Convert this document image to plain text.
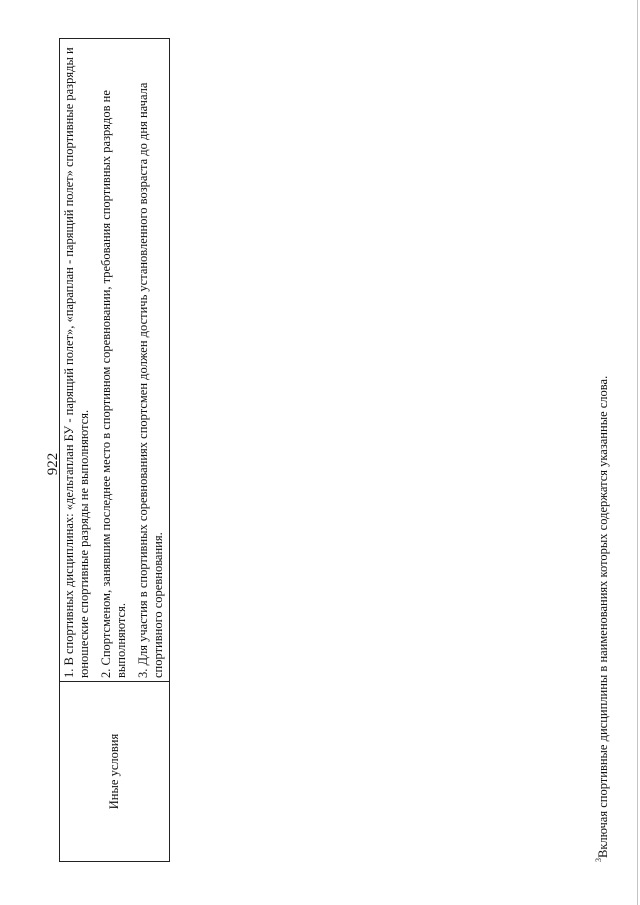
922
Иные условия	

1. В спортивных дисциплинах: «дельтаплан БУ - парящий полет», «параплан - парящий полет» спортивные разряды и юношеские спортивные разряды не выполняются. 2. Спортсменом, занявшим последнее место в спортивном соревновании, требования спортивных разрядов не выполняются. 3. Для участия в спортивных соревнованиях спортсмен должен достичь установленного возраста до дня начала спортивного соревнования.

$^3$Включая спортивные дисциплины в наименованиях которых содержатся указанные слова.
